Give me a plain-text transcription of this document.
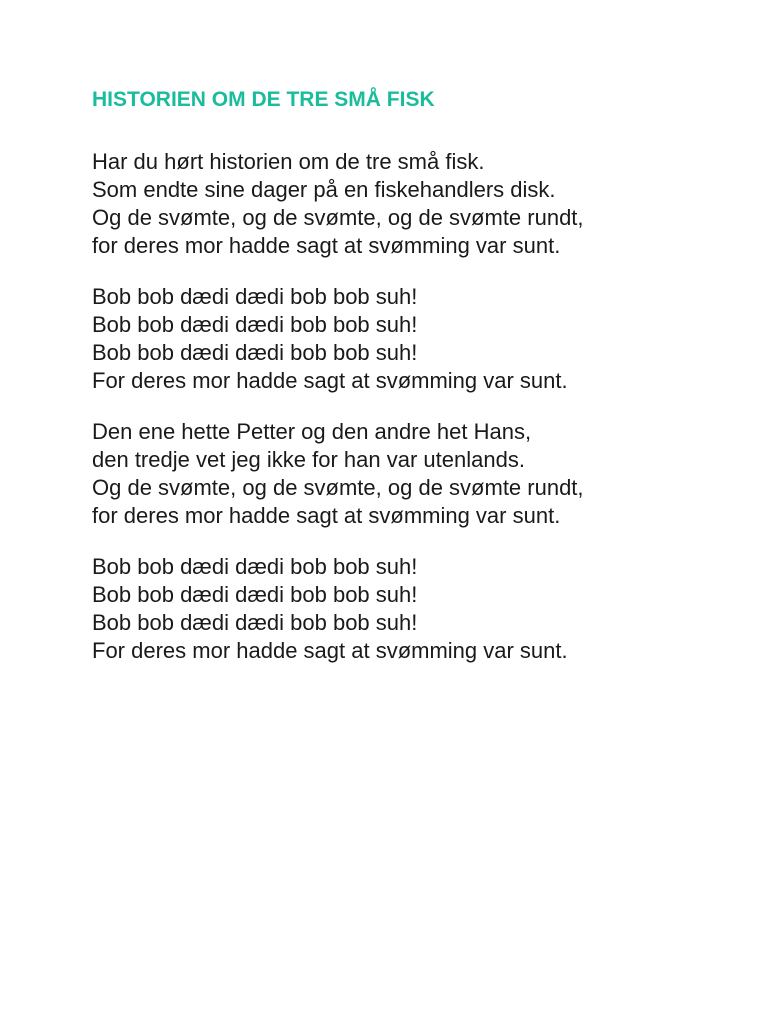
HISTORIEN OM DE TRE SMÅ FISK
Har du hørt historien om de tre små fisk.
Som endte sine dager på en fiskehandlers disk.
Og de svømte, og de svømte, og de svømte rundt,
for deres mor hadde sagt at svømming var sunt.
Bob bob dædi dædi bob bob suh!
Bob bob dædi dædi bob bob suh!
Bob bob dædi dædi bob bob suh!
For deres mor hadde sagt at svømming var sunt.
Den ene hette Petter og den andre het Hans,
den tredje vet jeg ikke for han var utenlands.
Og de svømte, og de svømte, og de svømte rundt,
for deres mor hadde sagt at svømming var sunt.
Bob bob dædi dædi bob bob suh!
Bob bob dædi dædi bob bob suh!
Bob bob dædi dædi bob bob suh!
For deres mor hadde sagt at svømming var sunt.
